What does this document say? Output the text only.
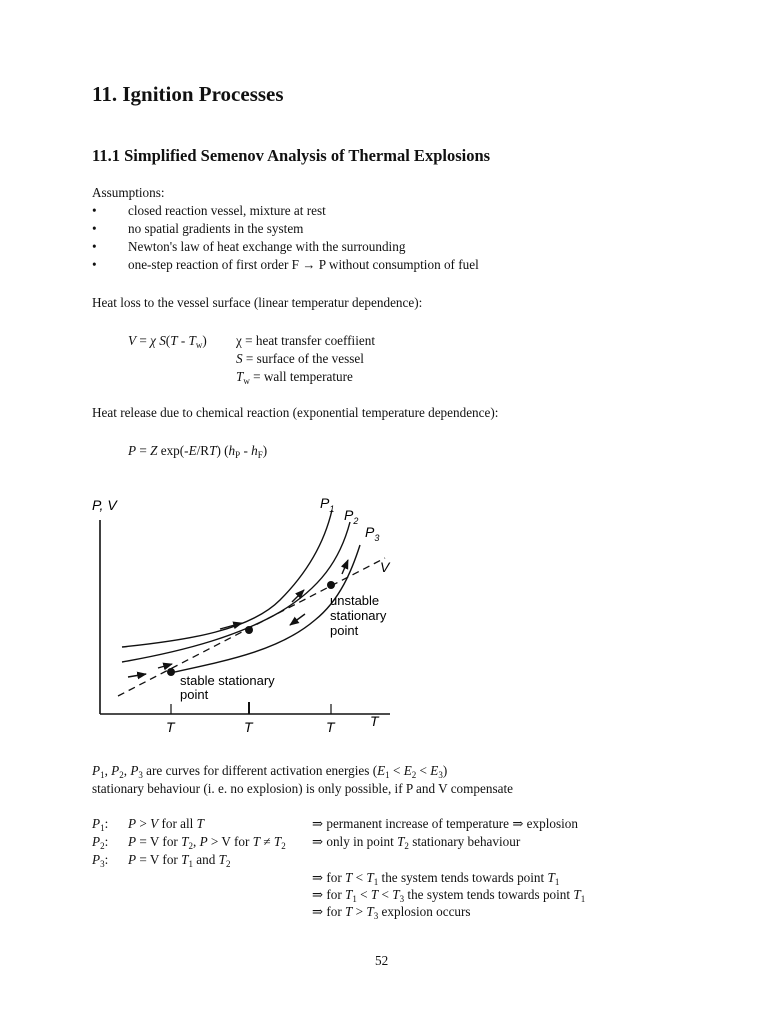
11. Ignition Processes
11.1 Simplified Semenov Analysis of Thermal Explosions
Assumptions:
• closed reaction vessel, mixture at rest
• no spatial gradients in the system
• Newton's law of heat exchange with the surrounding
• one-step reaction of first order F → P without consumption of fuel
Heat loss to the vessel surface (linear temperatur dependence):
V = χ $S(T - T_w)$ χ = heat transfer coeffiient
S = surface of the vessel
$T_w$ = wall temperature
Heat release due to chemical reaction (exponential temperature dependence):
P = Z exp(-E/RT) $(h_P - h_F)$
P, V
T
T	T	T
$P_1$ $P_2$
$P_3$
V
unstable stationary point
stable stationary point
$P_1$, $P_2$, $P_3$ are curves for different activation energies $(E_1 < E_2 < E_3)$
stationary behaviour (i. e. no explosion) is only possible, if P and V compensate
$P_1$: P > V for all T	⇒ permanent increase of temperature ⇒ explosion
$P_2$: P = V for $T_2$, P > V for $T \ne T_2$ ⇒ only in point $T_2$ stationary behaviour
$P_3$: P = V for $T_1$ and $T_2$
⇒ for $T < T_1$ the system tends towards point $T_1$
⇒ for $T_1 < T < T_3$ the system tends towards point $T_1$
⇒ for $T > T_3$ explosion occurs
52
